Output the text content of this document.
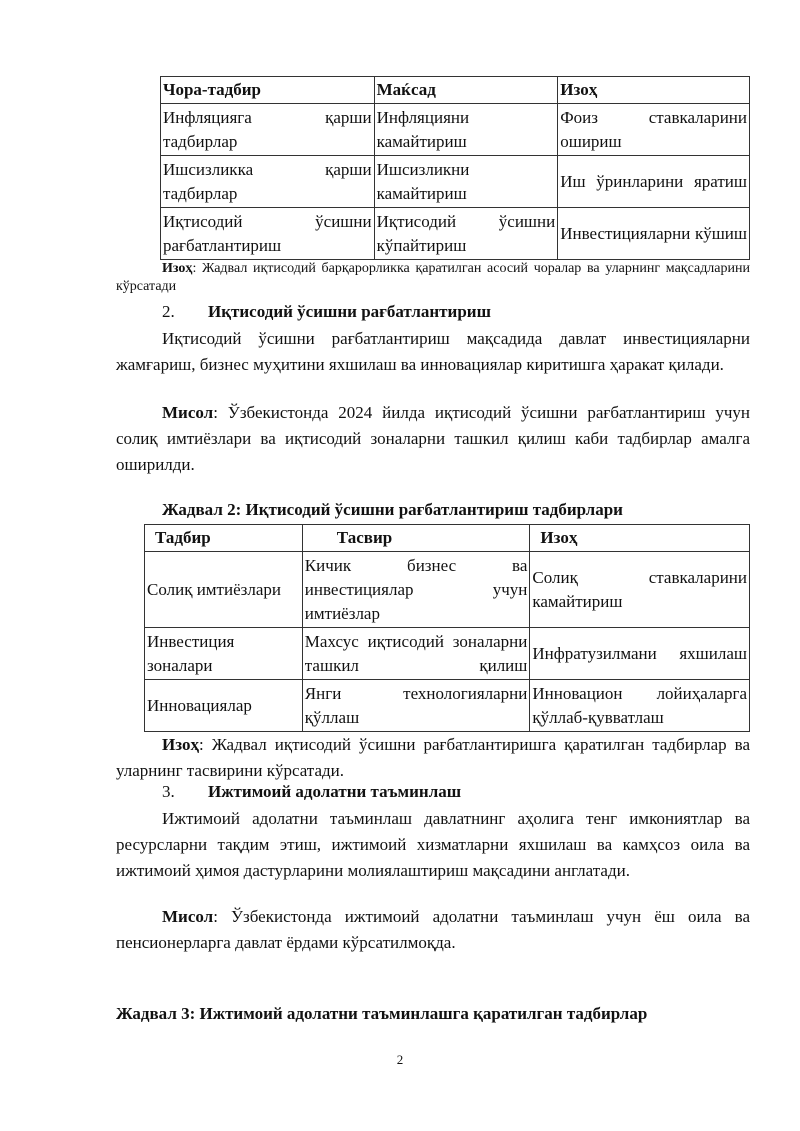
Чора-тадбир	Маќсад	Изоҳ
Инфляцияга қарши тадбирлар	Инфляцияни камайтириш	Фоиз ставкаларини ошириш
Ишсизликка қарши тадбирлар	Ишсизликни камайтириш	Иш ўринларини яратиш
Иқтисодий ўсишни рағбатлантириш	Иқтисодий ўсишни кўпайтириш	Инвестицияларни кўшиш
Изоҳ: Жадвал иқтисодий барқарорликка қаратилган асосий чоралар ва уларнинг мақсадларини кўрсатади
2. Иқтисодий ўсишни рағбатлантириш
Иқтисодий ўсишни рағбатлантириш мақсадида давлат инвестицияларни жамғариш, бизнес муҳитини яхшилаш ва инновациялар киритишга ҳаракат қилади.
Мисол: Ўзбекистонда 2024 йилда иқтисодий ўсишни рағбатлантириш учун солиқ имтиёзлари ва иқтисодий зоналарни ташкил қилиш каби тадбирлар амалга оширилди.
Жадвал 2: Иқтисодий ўсишни рағбатлантириш тадбирлари
Тадбир	Тасвир	Изоҳ
Солиқ имтиёзлари	Кичик бизнес ва инвестициялар учун имтиёзлар	Солиқ ставкаларини камайтириш
Инвестиция зоналари	Махсус иқтисодий зоналарни ташкил қилиш	Инфратузилмани яхшилаш
Инновациялар	Янги технологияларни қўллаш	Инновацион лойиҳаларга қўллаб-қувватлаш
Изоҳ: Жадвал иқтисодий ўсишни рағбатлантиришга қаратилган тадбирлар ва уларнинг тасвирини кўрсатади.
3. Ижтимоий адолатни таъминлаш
Ижтимоий адолатни таъминлаш давлатнинг аҳолига тенг имкониятлар ва ресурсларни тақдим этиш, ижтимоий хизматларни яхшилаш ва камҳсоз оила ва ижтимоий ҳимоя дастурларини молиялаштириш мақсадини англатади.
Мисол: Ўзбекистонда ижтимоий адолатни таъминлаш учун ёш оила ва пенсионерларга давлат ёрдами кўрсатилмоқда.
Жадвал 3: Ижтимоий адолатни таъминлашга қаратилган тадбирлар
2
